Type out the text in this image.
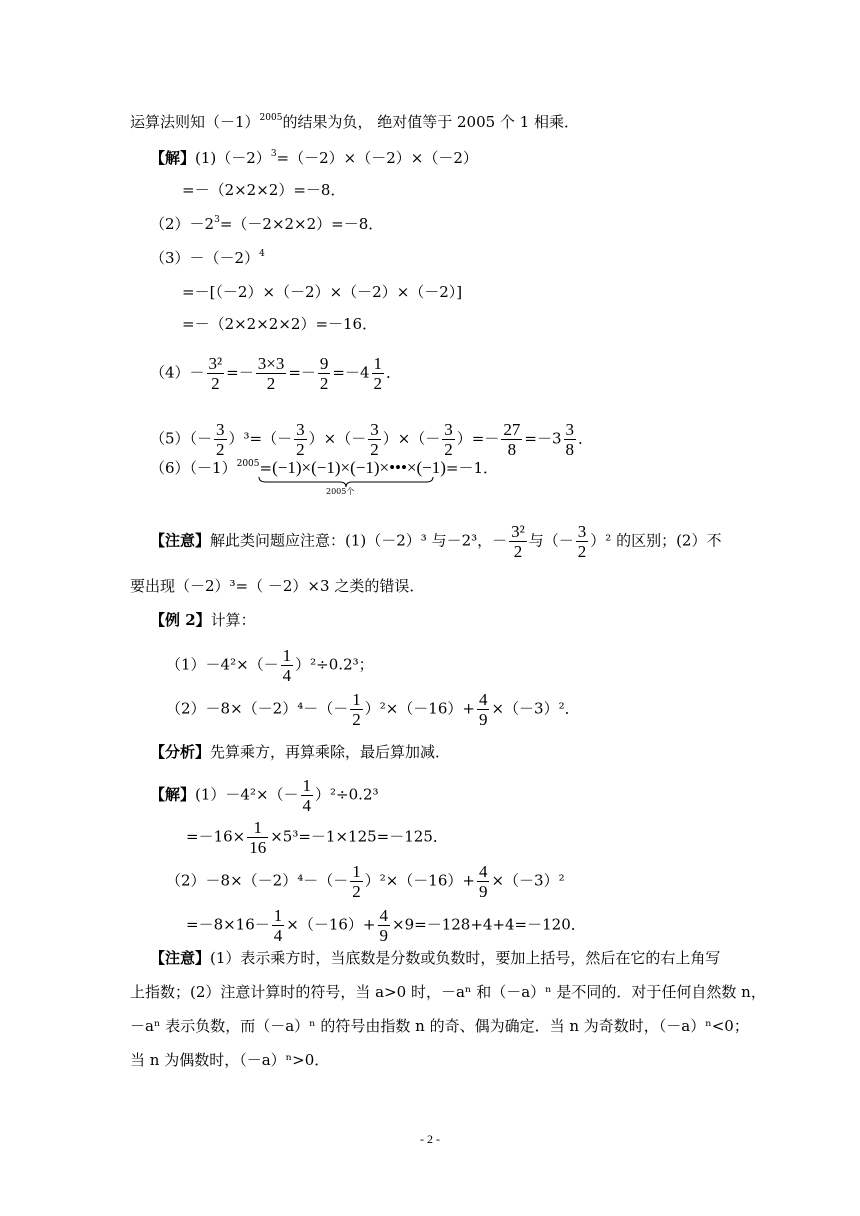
运算法则知$(-1)^{2005}$的结果为负， 绝对值等于 2005 个 1 相乘．
【解】$(1)(-2)^3=(-2)\times(-2)\times(-2)$
=－（2×2×2）=－8．
$(2)-2^3=(-2\times 2\times 2)=-8$．
$(3)-(-2)^4$
=－[（－2）×（－2）×（－2）×（－2）]
=－（2×2×2×2）=－16．
$(4)- \frac{\text{3²}}{2} =- \frac{3\times 3}{2} =- \frac{9}{2} =-4 \frac{1}{2}$ ．
$(5)(- \frac{3}{2} )^3=(- \frac{3}{2}$ ）×（－ $\frac{3}{2}$ ）×（－ $\frac{3}{2}$ ）=－ $\frac{27}{8} =-3 \frac{3}{8}$ ．
$(6)(-1)^{2005}=(-1)\times(-1)\times(-1)\times•••\times(-1)=-1$．
2005个
【注意】解此类问题应注意：(1)（－2）³ 与－2³，－ $\frac{\text{3²}}{2}$ 与（－ $\frac{3}{2} )^2$ 的区别；(2）不
要出现（－2）³=（ －2）×3 之类的错误．
【例 2】计算：
$(1)-4^2\times(- \frac{1}{4} )^2\div 0.2^3$；
$(2)-8\times(-2)^4-(- \frac{1}{2} )^2\times(-16)+ \frac{4}{9} \times(-3)^2$．
【分析】先算乘方，再算乘除，最后算加减．
【解】$(1)-4^2\times(- \frac{1}{4} )^2\div 0.2^3$
$=-16\times \frac{1}{16} \times 5^3=-1\times 125=-125$．
$(2)-8\times(-2)^4-(- \frac{1}{2} )^2\times(-16)+ \frac{4}{9} \times(-3)^2$
$=-8\times 16- \frac{1}{4} \times(-16)+ \frac{4}{9} \times 9=-128+4+4=-120$．
【注意】(1）表示乘方时，当底数是分数或负数时，要加上括号，然后在它的右上角写
上指数；(2）注意计算时的符号，当 a>0 时，－aⁿ 和（－a）ⁿ 是不同的．对于任何自然数 n，
－aⁿ 表示负数，而（－a）ⁿ 的符号由指数 n 的奇、偶为确定．当 n 为奇数时，（－a）ⁿ<0；
当 n 为偶数时，（－a）ⁿ>0．
- 2 -
